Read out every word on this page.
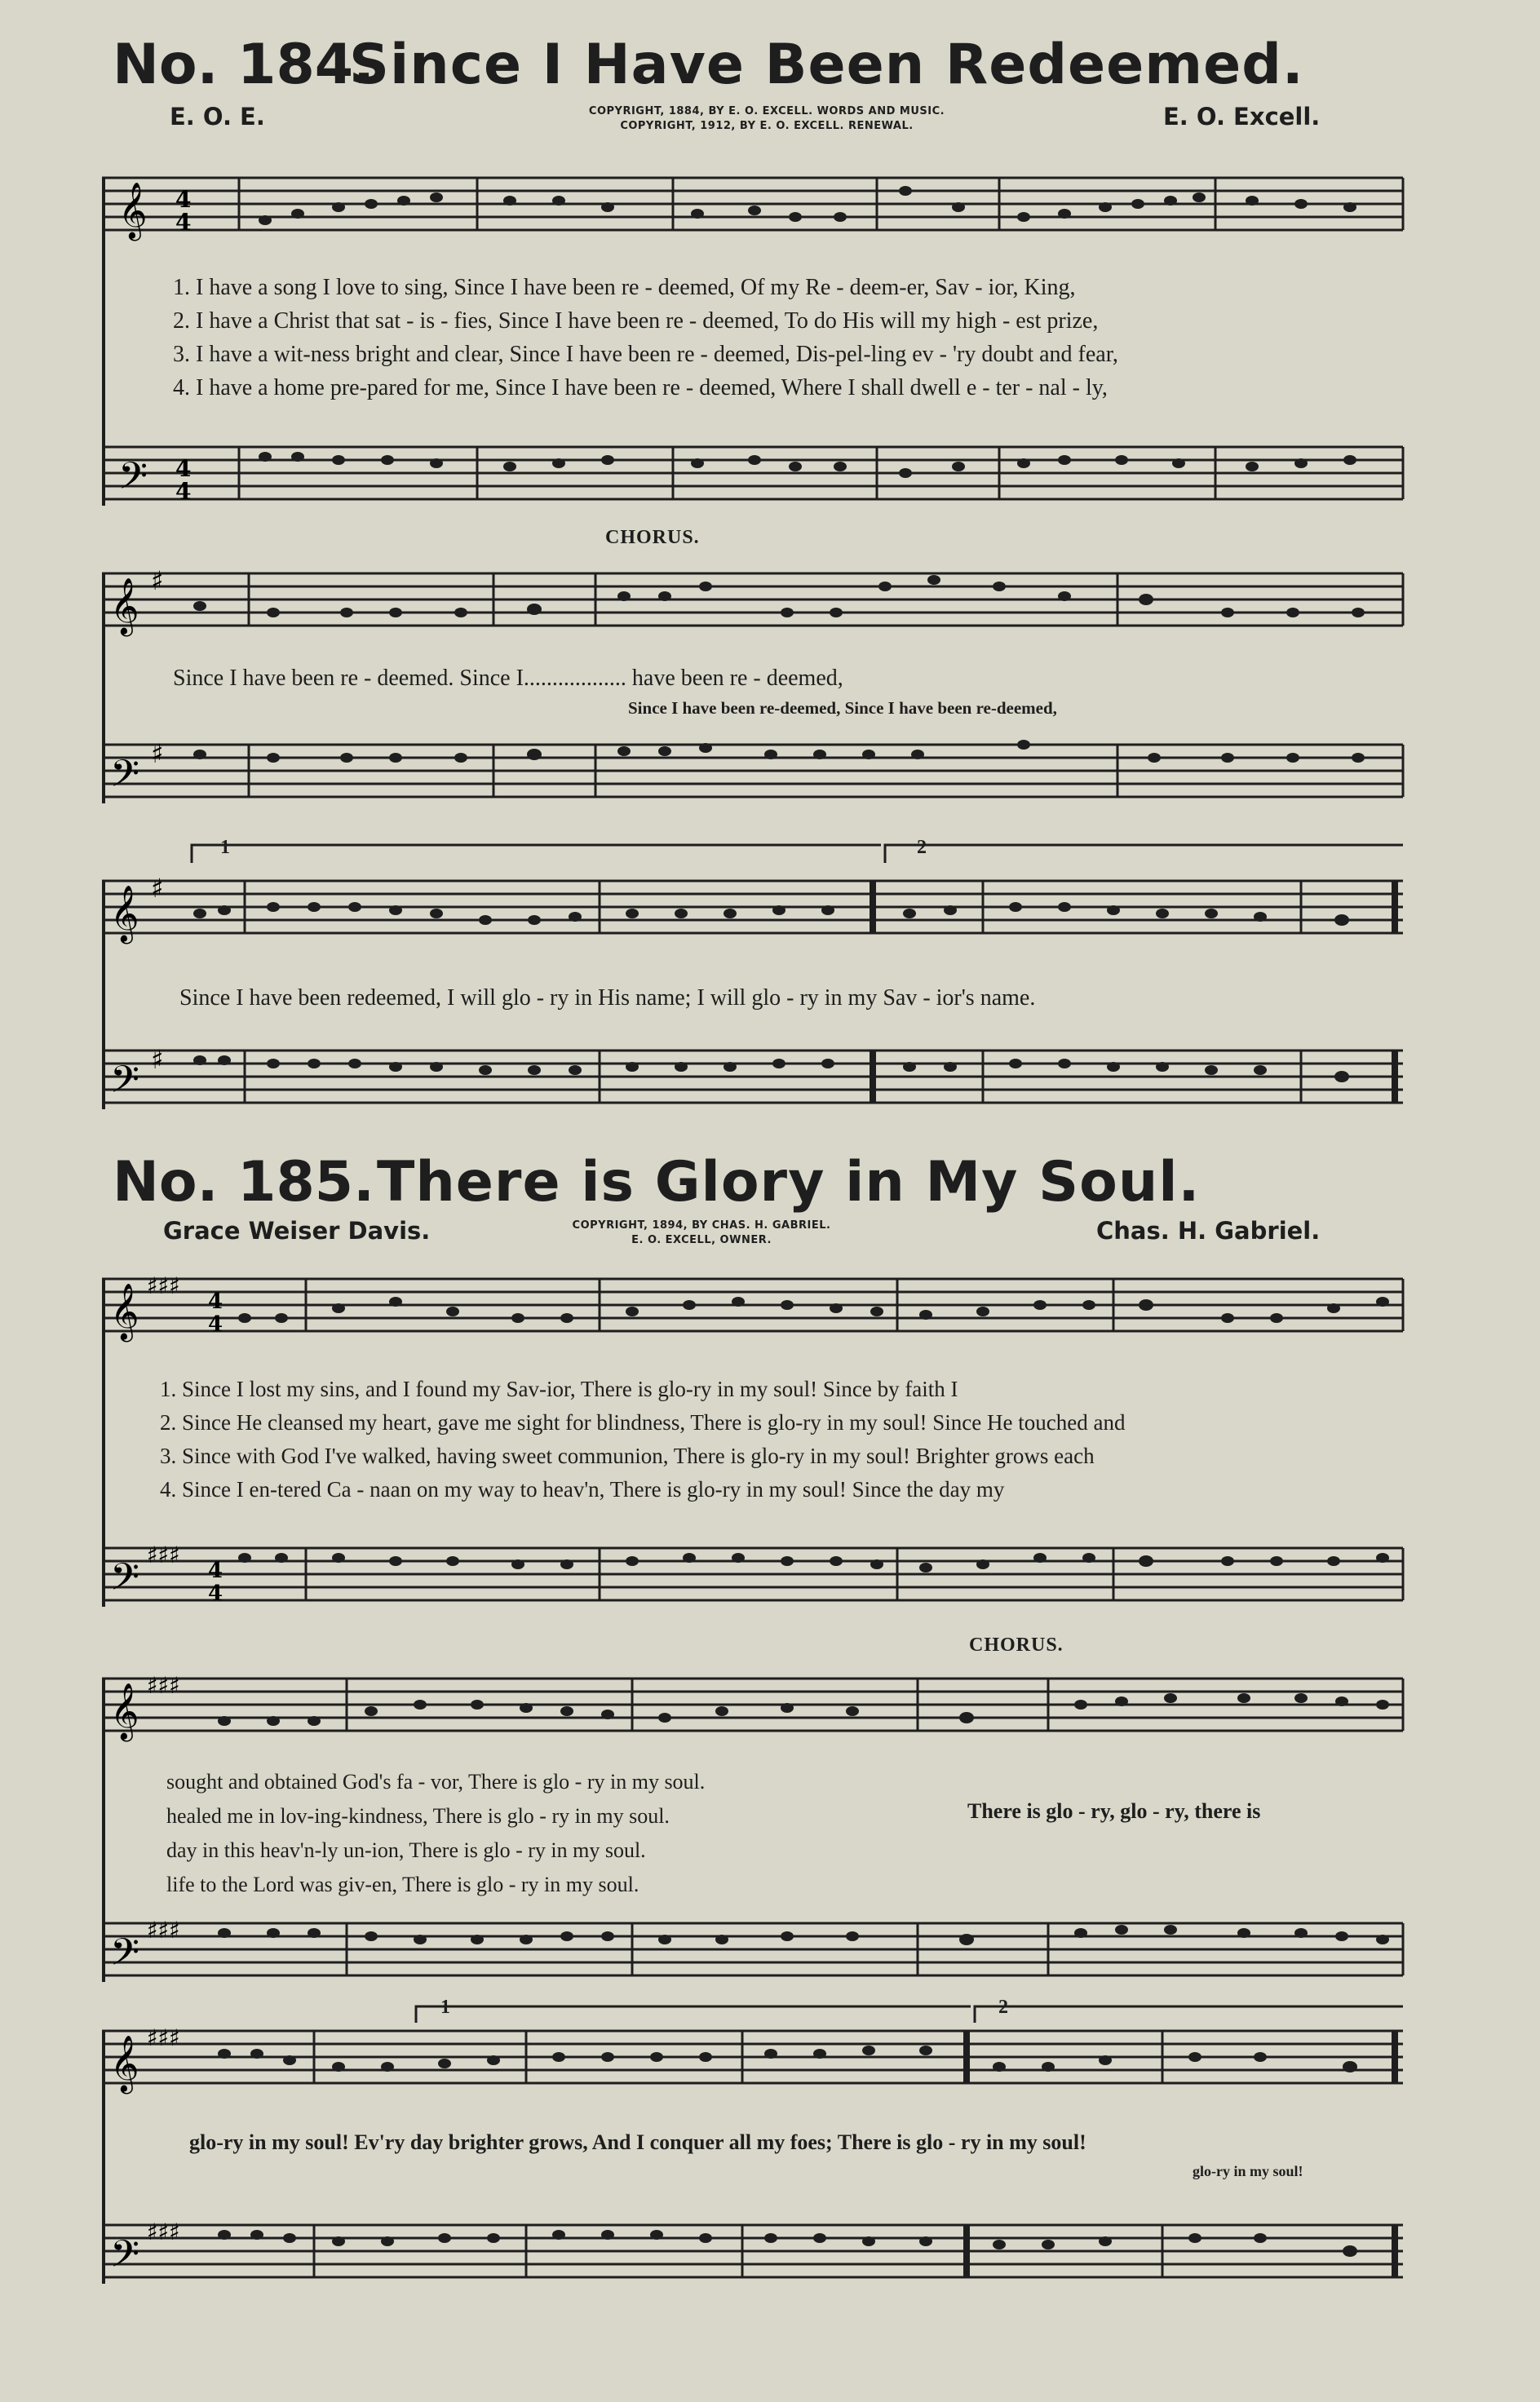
No. 184.
Since I Have Been Redeemed.
E. O. E.	COPYRIGHT, 1884, BY E. O. EXCELL. WORDS AND MUSIC.
COPYRIGHT, 1912, BY E. O. EXCELL. RENEWAL.	E. O. Excell.
𝄞 4
4
𝄢 4
4
1. I have a song I love to sing, Since I have been re - deemed, Of my Re - deem-er, Sav - ior, King,
2. I have a Christ that sat - is - fies, Since I have been re - deemed, To do His will my high - est prize,
3. I have a wit-ness bright and clear, Since I have been re - deemed, Dis-pel-ling ev - 'ry doubt and fear,
4. I have a home pre-pared for me, Since I have been re - deemed, Where I shall dwell e - ter - nal - ly,
CHORUS.
𝄞 ♯
𝄢 ♯
Since I have been re - deemed. Since I.................. have been re - deemed,
Since I have been re-deemed, Since I have been re-deemed,
𝄞 ♯
𝄢 ♯
1	2
Since I have been redeemed, I will glo - ry in His name; I will glo - ry in my Sav - ior's name.
No. 185. There is Glory in My Soul.
Grace Weiser Davis.	COPYRIGHT, 1894, BY CHAS. H. GABRIEL.
E. O. EXCELL, OWNER.	Chas. H. Gabriel.
𝄞 ♯♯♯
4
4
𝄢
♯♯♯
4
4
1. Since I lost my sins, and I found my Sav-ior, There is glo-ry in my soul! Since by faith I
2. Since He cleansed my heart, gave me sight for blindness, There is glo-ry in my soul! Since He touched and
3. Since with God I've walked, having sweet communion, There is glo-ry in my soul! Brighter grows each
4. Since I en-tered Ca - naan on my way to heav'n, There is glo-ry in my soul! Since the day my
CHORUS.
𝄞 ♯♯♯
𝄢
♯♯♯
sought and obtained God's fa - vor, There is glo - ry in my soul.
healed me in lov-ing-kindness, There is glo - ry in my soul.
day in this heav'n-ly un-ion, There is glo - ry in my soul.
life to the Lord was giv-en, There is glo - ry in my soul.
There is glo - ry, glo - ry, there is
𝄞 ♯♯♯
𝄢
♯♯♯
1	2
glo-ry in my soul! Ev'ry day brighter grows, And I conquer all my foes; There is glo - ry in my soul!
glo-ry in my soul!
